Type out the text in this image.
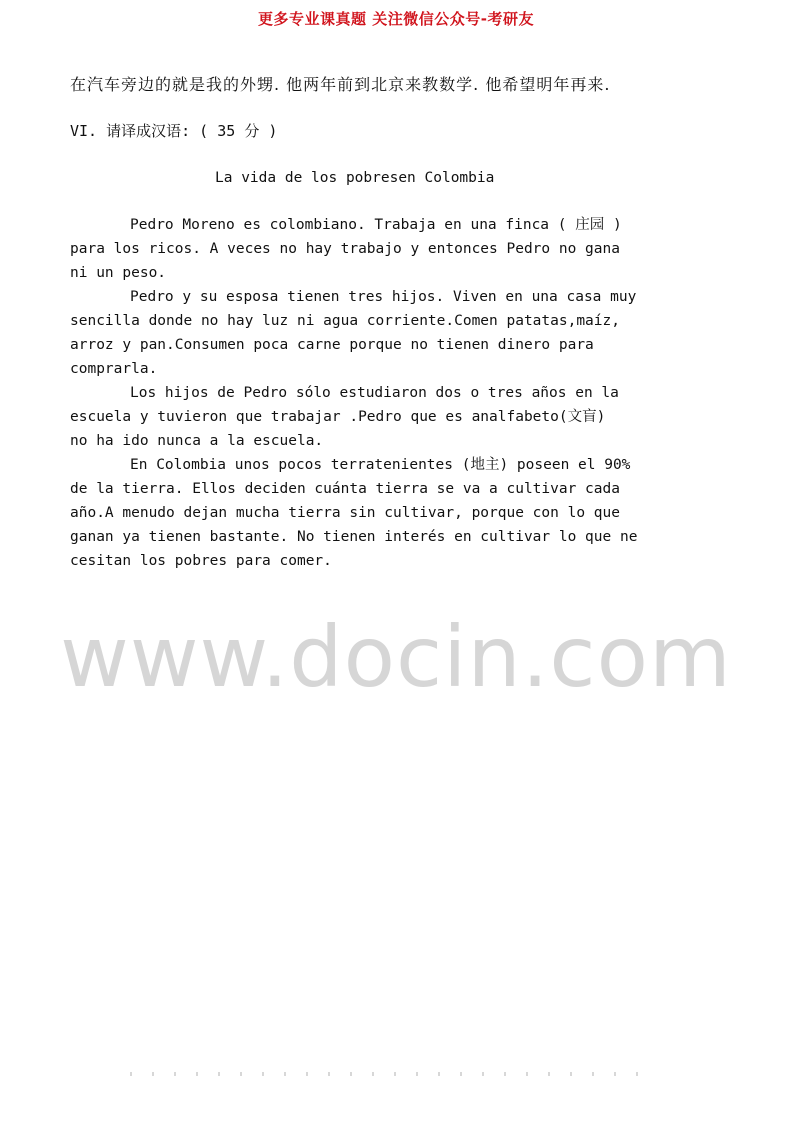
更多专业课真题 关注微信公众号-考研友
在汽车旁边的就是我的外甥. 他两年前到北京来教数学. 他希望明年再来.
VI. 请译成汉语: ( 35 分 )
La vida de los pobresen Colombia
Pedro Moreno es colombiano. Trabaja en una finca ( 庄园 )
para los ricos. A veces no hay trabajo y entonces Pedro no gana
ni un peso.
Pedro y su esposa tienen tres hijos. Viven en una casa muy
sencilla donde no hay luz ni agua corriente.Comen patatas,maíz,
arroz y pan.Consumen poca carne porque no tienen dinero para
comprarla.
Los hijos de Pedro sólo estudiaron dos o tres años en la
escuela y tuvieron que trabajar .Pedro que es analfabeto(文盲)
no ha ido nunca a la escuela.
En Colombia unos pocos terratenientes (地主) poseen el 90%
de la tierra. Ellos deciden cuánta tierra se va a cultivar cada
año.A menudo dejan mucha tierra sin cultivar, porque con lo que
ganan ya tienen bastante. No tienen interés en cultivar lo que ne
cesitan los pobres para comer.
www.docin.com
